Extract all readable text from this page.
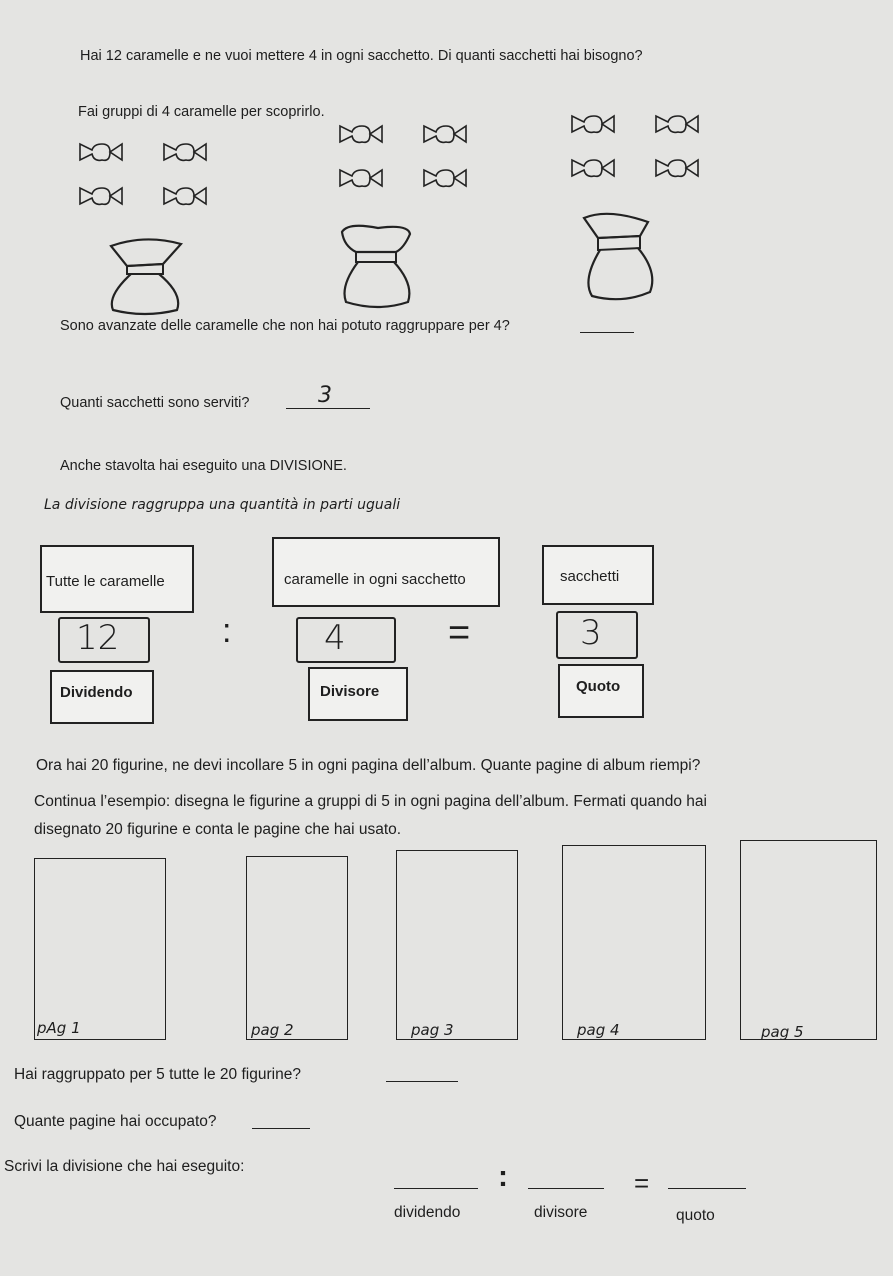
Hai 12 caramelle e ne vuoi mettere 4 in ogni sacchetto. Di quanti sacchetti hai bisogno?
Fai gruppi di 4 caramelle per scoprirlo.
Sono avanzate delle caramelle che non hai potuto raggruppare per 4?
Quanti sacchetti sono serviti?	3
Anche stavolta hai eseguito una DIVISIONE.
La divisione raggruppa una quantità in parti uguali
Tutte le caramelle	caramelle in ogni sacchetto	sacchetti
12	:	4	=	3
Dividendo	Divisore	Quoto
Ora hai 20 figurine, ne devi incollare 5 in ogni pagina dell’album. Quante pagine di album riempi?
Continua l’esempio: disegna le figurine a gruppi di 5 in ogni pagina dell’album. Fermati quando hai
disegnato 20 figurine e conta le pagine che hai usato.
pAg 1	pag 2	pag 3	pag 4	pag 5
Hai raggruppato per 5 tutte le 20 figurine?
Quante pagine hai occupato?
Scrivi la divisione che hai eseguito:	:	=
dividendo	divisore	quoto
